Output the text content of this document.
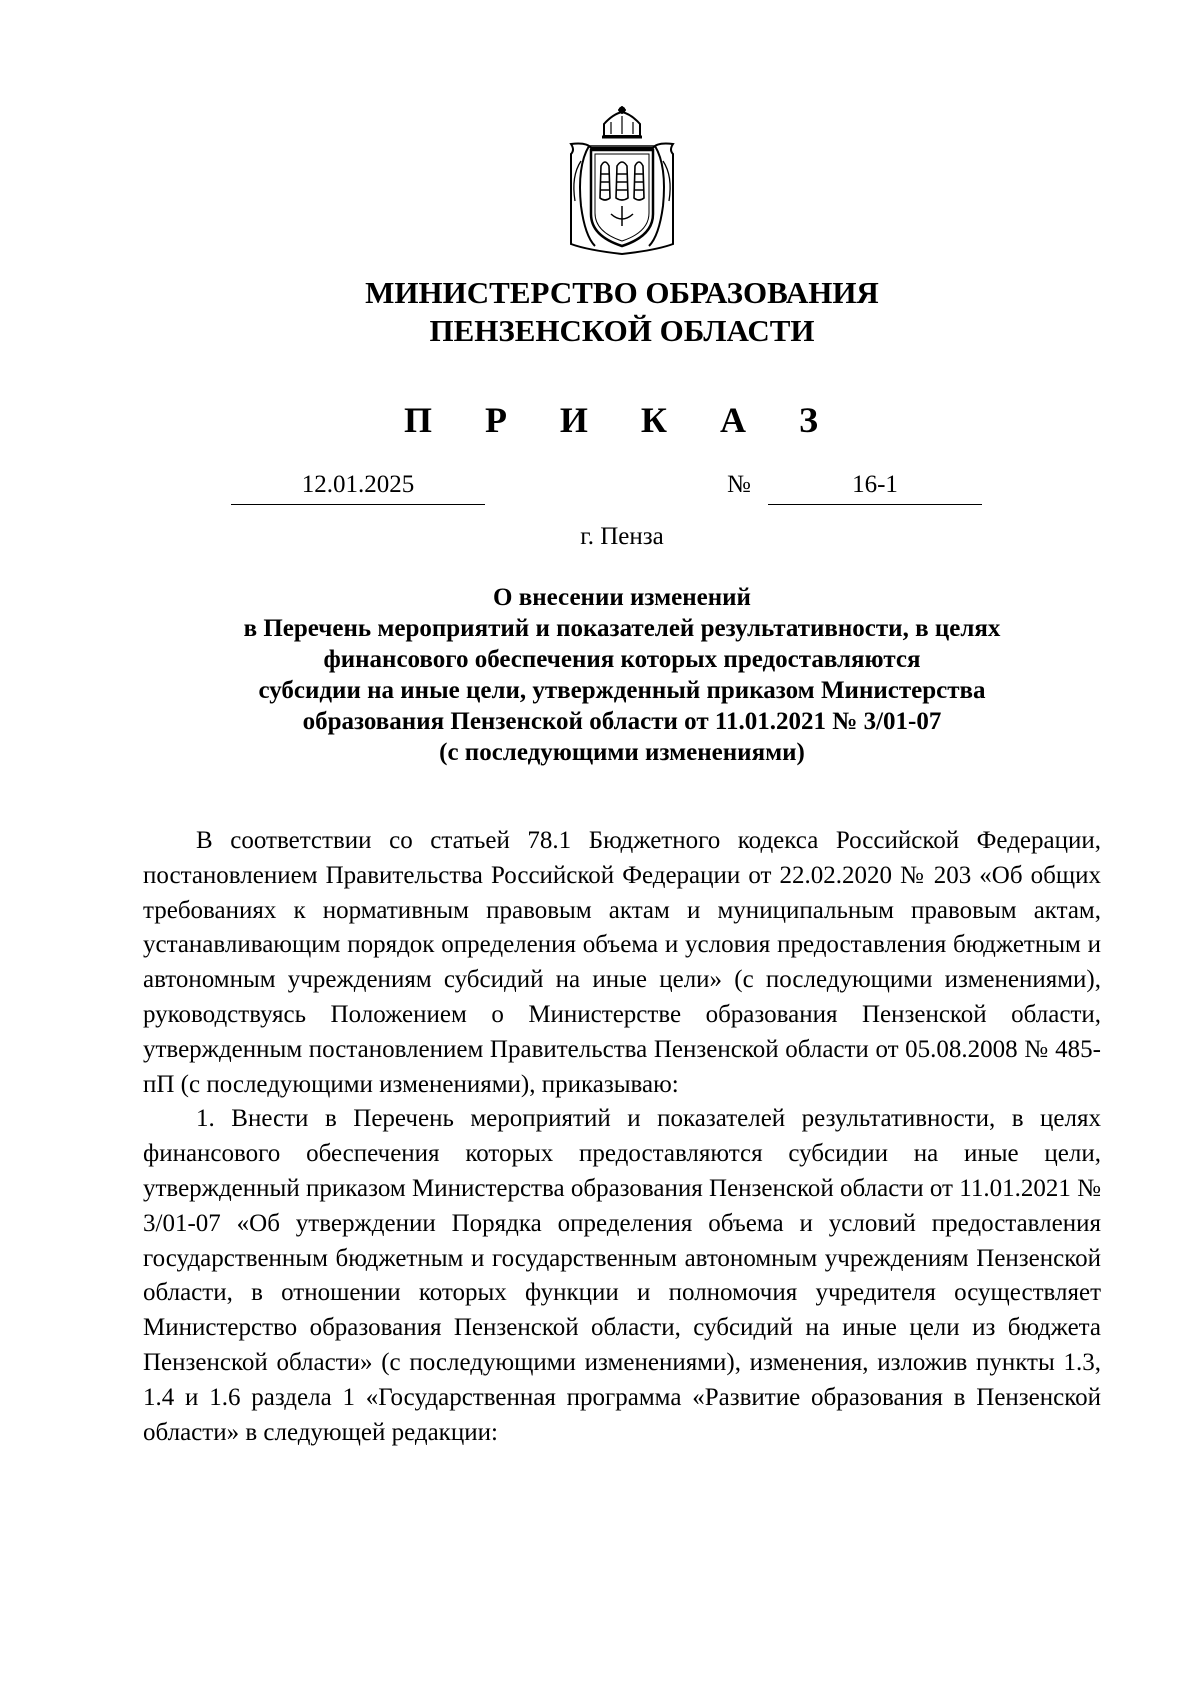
МИНИСТЕРСТВО ОБРАЗОВАНИЯ
ПЕНЗЕНСКОЙ ОБЛАСТИ
П Р И К А З
12.01.2025	№	16-1
г. Пенза
О внесении изменений
в Перечень мероприятий и показателей результативности, в целях
финансового обеспечения которых предоставляются
субсидии на иные цели, утвержденный приказом Министерства
образования Пензенской области от 11.01.2021 № 3/01-07
(с последующими изменениями)

В соответствии со статьей 78.1 Бюджетного кодекса Российской Федерации, постановлением Правительства Российской Федерации от 22.02.2020 № 203 «Об общих требованиях к нормативным правовым актам и муниципальным правовым актам, устанавливающим порядок определения объема и условия предоставления бюджетным и автономным учреждениям субсидий на иные цели» (с последующими изменениями), руководствуясь Положением о Министерстве образования Пензенской области, утвержденным постановлением Правительства Пензенской области от 05.08.2008 № 485-пП (с последующими изменениями), приказываю:

1. Внести в Перечень мероприятий и показателей результативности, в целях финансового обеспечения которых предоставляются субсидии на иные цели, утвержденный приказом Министерства образования Пензенской области от 11.01.2021 № 3/01-07 «Об утверждении Порядка определения объема и условий предоставления государственным бюджетным и государственным автономным учреждениям Пензенской области, в отношении которых функции и полномочия учредителя осуществляет Министерство образования Пензенской области, субсидий на иные цели из бюджета Пензенской области» (с последующими изменениями), изменения, изложив пункты 1.3, 1.4 и 1.6 раздела 1 «Государственная программа «Развитие образования в Пензенской области» в следующей редакции:
